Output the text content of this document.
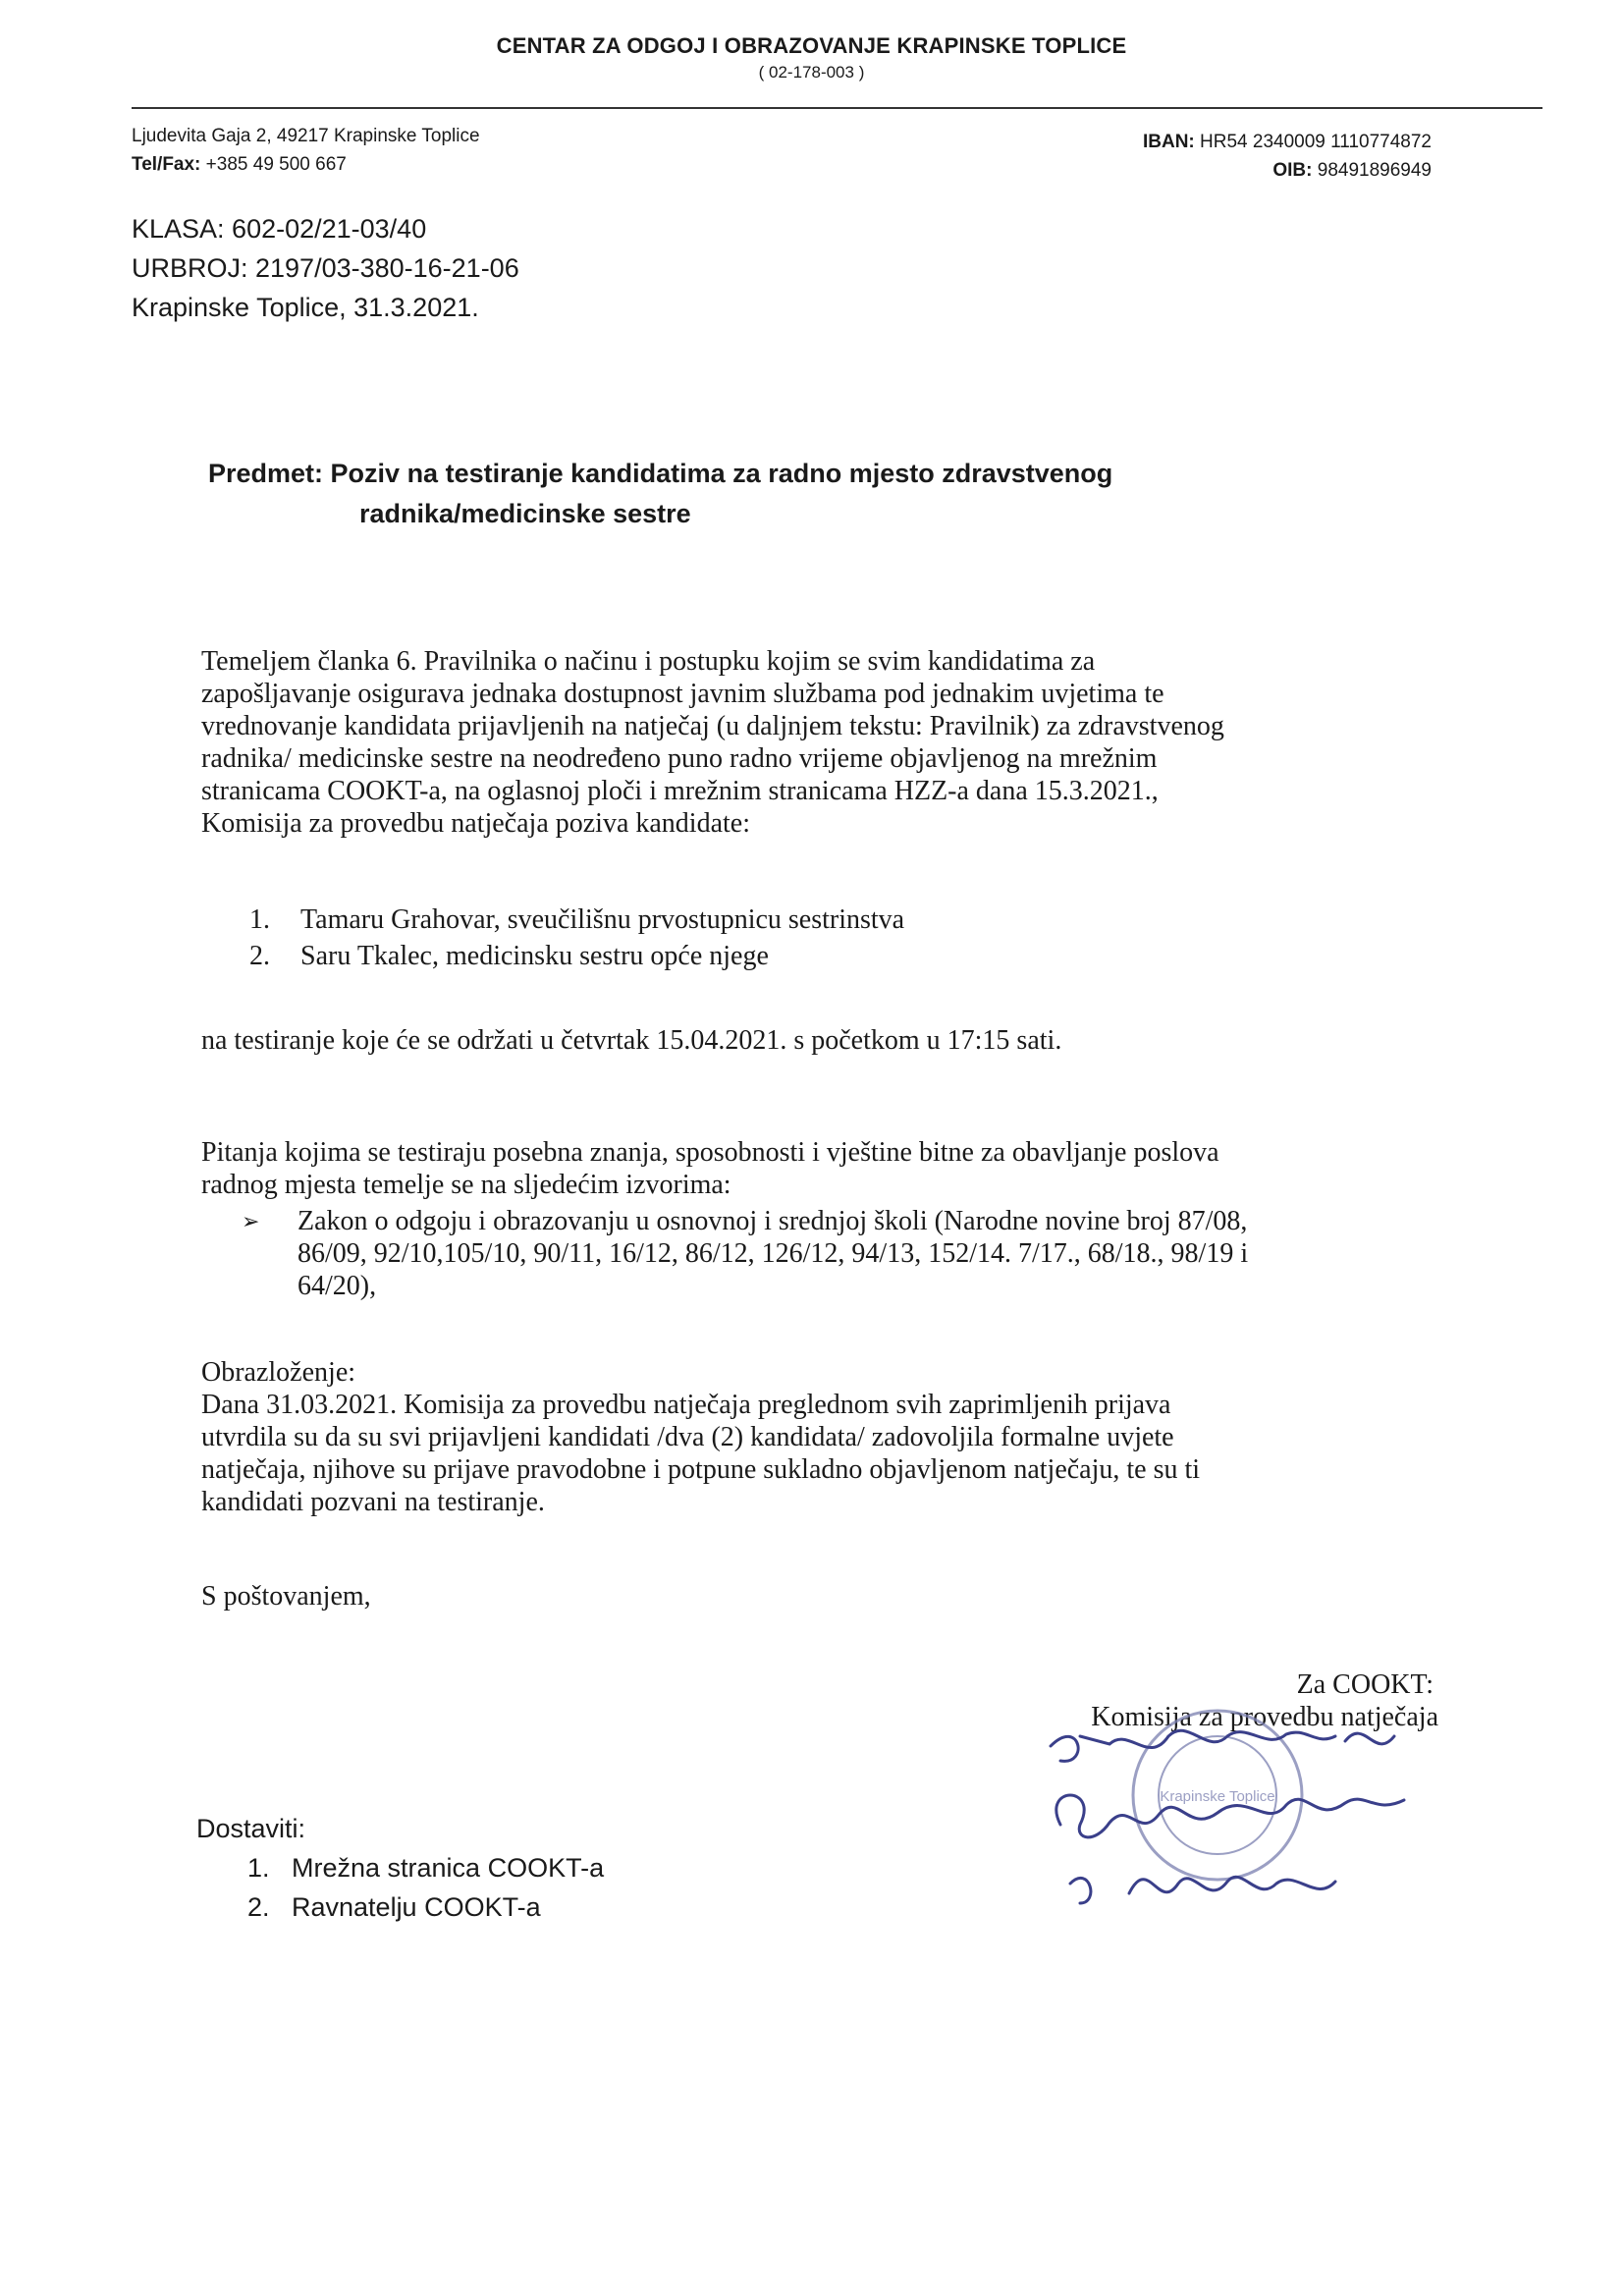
CENTAR ZA ODGOJ I OBRAZOVANJE KRAPINSKE TOPLICE
( 02-178-003 )
Ljudevita Gaja 2, 49217 Krapinske Toplice
Tel/Fax: +385 49 500 667
IBAN: HR54 2340009 1110774872
OIB: 98491896949
KLASA: 602-02/21-03/40
URBROJ: 2197/03-380-16-21-06
Krapinske Toplice, 31.3.2021.
Predmet: Poziv na testiranje kandidatima za radno mjesto zdravstvenog
radnika/medicinske sestre
Temeljem članka 6. Pravilnika o načinu i postupku kojim se svim kandidatima za
zapošljavanje osigurava jednaka dostupnost javnim službama pod jednakim uvjetima te
vrednovanje kandidata prijavljenih na natječaj (u daljnjem tekstu: Pravilnik) za zdravstvenog
radnika/ medicinske sestre na neodređeno puno radno vrijeme objavljenog na mrežnim
stranicama COOKT-a, na oglasnoj ploči i mrežnim stranicama HZZ-a dana 15.3.2021.,
Komisija za provedbu natječaja poziva kandidate:
1. Tamaru Grahovar, sveučilišnu prvostupnicu sestrinstva
2. Saru Tkalec, medicinsku sestru opće njege
na testiranje koje će se održati u četvrtak 15.04.2021. s početkom u 17:15 sati.
Pitanja kojima se testiraju posebna znanja, sposobnosti i vještine bitne za obavljanje poslova
radnog mjesta temelje se na sljedećim izvorima:
➢	Zakon o odgoju i obrazovanju u osnovnoj i srednjoj školi (Narodne novine broj 87/08,
86/09, 92/10,105/10, 90/11, 16/12, 86/12, 126/12, 94/13, 152/14. 7/17., 68/18., 98/19 i
64/20),
Obrazloženje:
Dana 31.03.2021. Komisija za provedbu natječaja preglednom svih zaprimljenih prijava
utvrdila su da su svi prijavljeni kandidati /dva (2) kandidata/ zadovoljila formalne uvjete
natječaja, njihove su prijave pravodobne i potpune sukladno objavljenom natječaju, te su ti
kandidati pozvani na testiranje.
S poštovanjem,
Za COOKT:
Komisija za provedbu natječaja
Krapinske Toplice
Dostaviti:
1. Mrežna stranica COOKT-a
2. Ravnatelju COOKT-a
